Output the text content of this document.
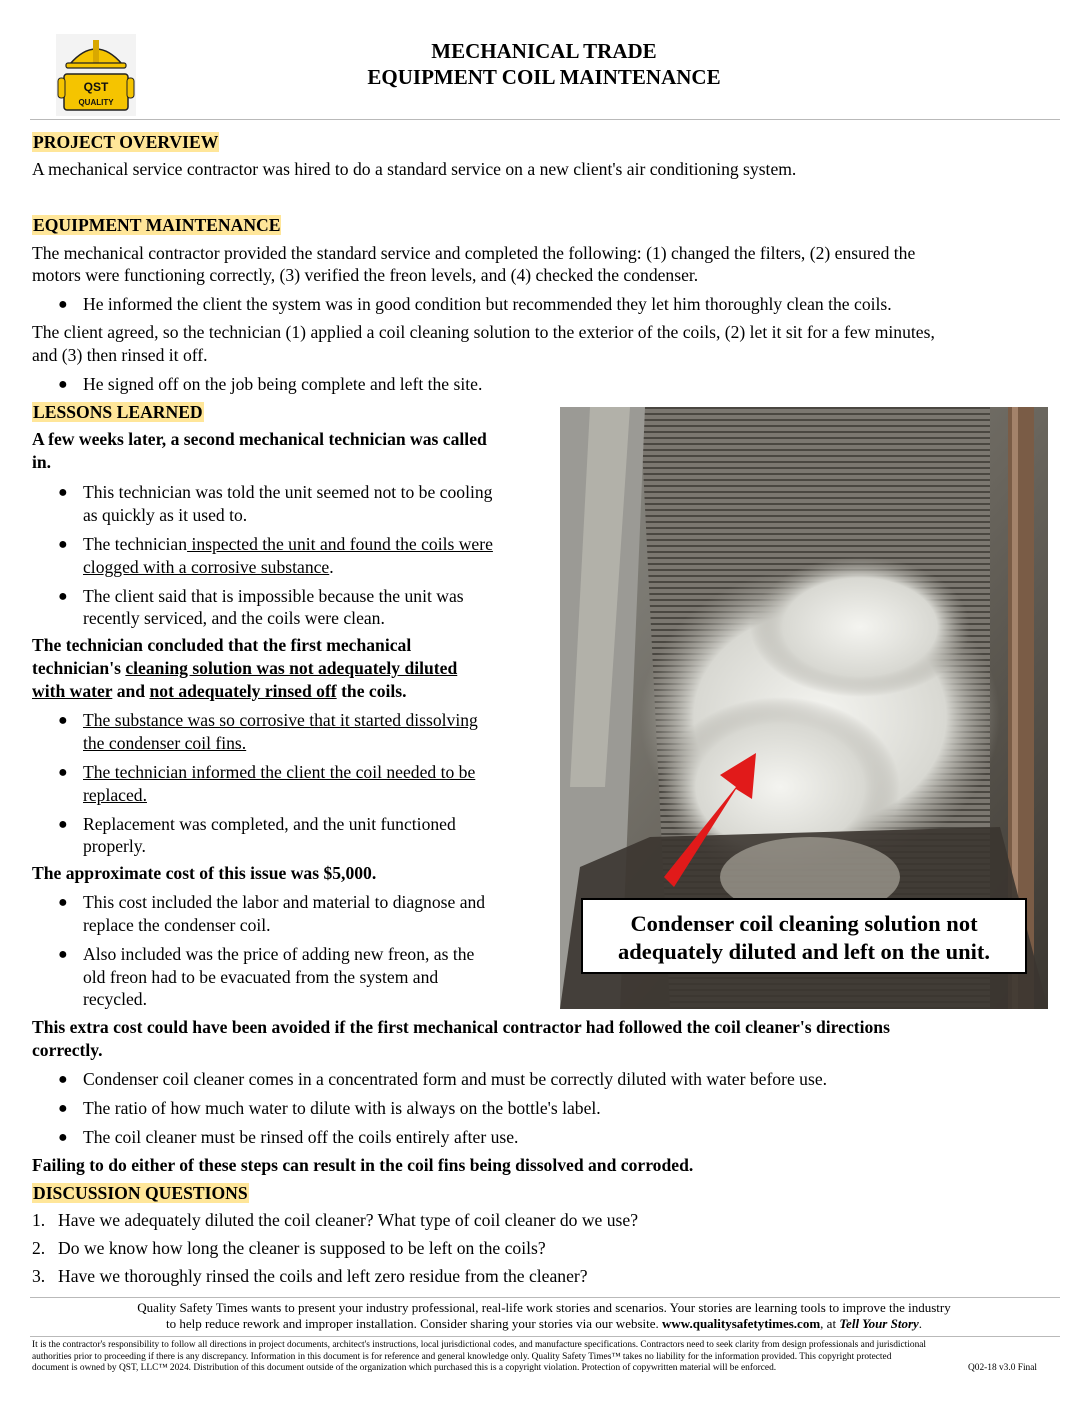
QST
QUALITY
MECHANICAL TRADE
EQUIPMENT COIL MAINTENANCE
PROJECT OVERVIEW
A mechanical service contractor was hired to do a standard service on a new client's air conditioning system.
EQUIPMENT MAINTENANCE
The mechanical contractor provided the standard service and completed the following: (1) changed the filters, (2) ensured the
motors were functioning correctly, (3) verified the freon levels, and (4) checked the condenser.
● He informed the client the system was in good condition but recommended they let him thoroughly clean the coils.
The client agreed, so the technician (1) applied a coil cleaning solution to the exterior of the coils, (2) let it sit for a few minutes,
and (3) then rinsed it off.
● He signed off on the job being complete and left the site.
LESSONS LEARNED
A few weeks later, a second mechanical technician was called
in.
● This technician was told the unit seemed not to be cooling
as quickly as it used to.
● The technician inspected the unit and found the coils were
clogged with a corrosive substance.
● The client said that is impossible because the unit was
recently serviced, and the coils were clean.
The technician concluded that the first mechanical
technician's cleaning solution was not adequately diluted
with water and not adequately rinsed off the coils.
● The substance was so corrosive that it started dissolving
the condenser coil fins.
● The technician informed the client the coil needed to be
replaced.
● Replacement was completed, and the unit functioned
properly.
The approximate cost of this issue was $5,000.
● This cost included the labor and material to diagnose and
replace the condenser coil.
● Also included was the price of adding new freon, as the
old freon had to be evacuated from the system and
recycled.
This extra cost could have been avoided if the first mechanical contractor had followed the coil cleaner's directions
correctly.
● Condenser coil cleaner comes in a concentrated form and must be correctly diluted with water before use.
● The ratio of how much water to dilute with is always on the bottle's label.
● The coil cleaner must be rinsed off the coils entirely after use.
Failing to do either of these steps can result in the coil fins being dissolved and corroded.
Condenser coil cleaning solution not
adequately diluted and left on the unit.
DISCUSSION QUESTIONS
1. Have we adequately diluted the coil cleaner? What type of coil cleaner do we use?
2. Do we know how long the cleaner is supposed to be left on the coils?
3. Have we thoroughly rinsed the coils and left zero residue from the cleaner?
Quality Safety Times wants to present your industry professional, real-life work stories and scenarios. Your stories are learning tools to improve the industry
to help reduce rework and improper installation. Consider sharing your stories via our website. www.qualitysafetytimes.com, at Tell Your Story.
It is the contractor's responsibility to follow all directions in project documents, architect's instructions, local jurisdictional codes, and manufacture specifications. Contractors need to seek clarity from design professionals and jurisdictional
authorities prior to proceeding if there is any discrepancy. Information in this document is for reference and general knowledge only. Quality Safety Times™ takes no liability for the information provided. This copyright protected
document is owned by QST, LLC™ 2024. Distribution of this document outside of the organization which purchased this is a copyright violation. Protection of copywritten material will be enforced.	Q02-18 v3.0 Final
